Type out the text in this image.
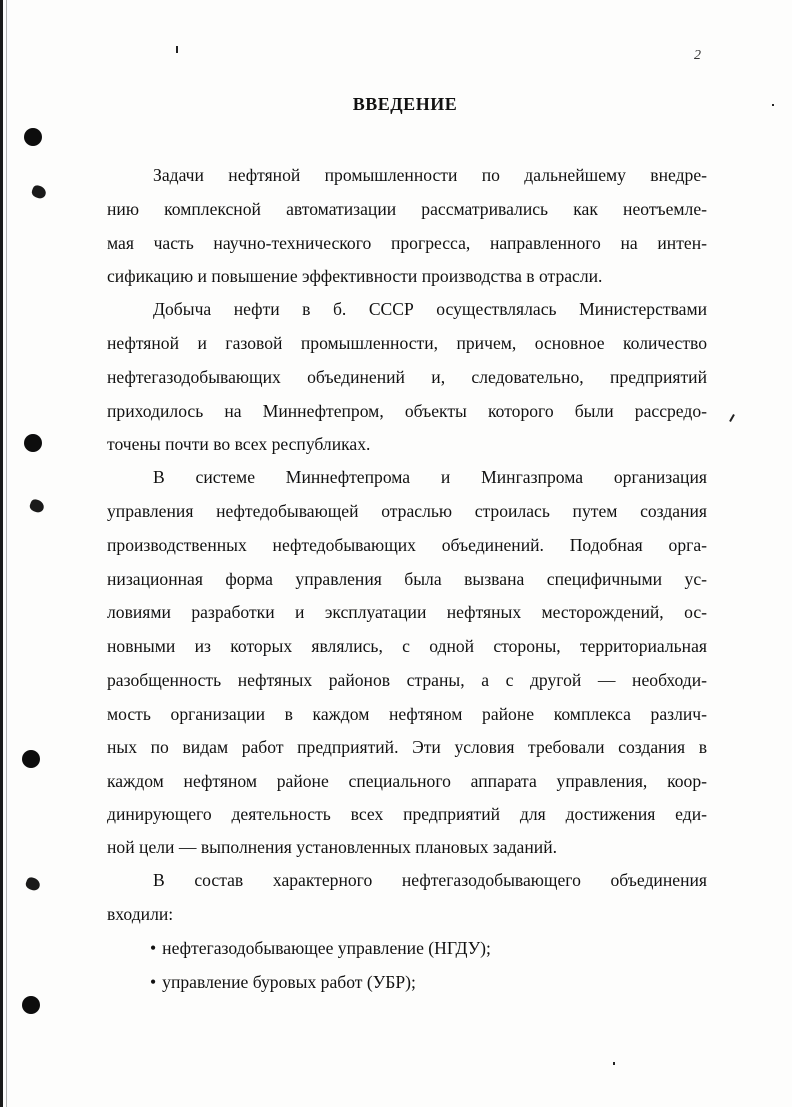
2
ВВЕДЕНИЕ
Задачи нефтяной промышленности по дальнейшему внедре-
нию комплексной автоматизации рассматривались как неотъемле-
мая часть научно-технического прогресса, направленного на интен-
сификацию и повышение эффективности производства в отрасли.
Добыча нефти в б. СССР осуществлялась Министерствами
нефтяной и газовой промышленности, причем, основное количество
нефтегазодобывающих объединений и, следовательно, предприятий
приходилось на Миннефтепром, объекты которого были рассредо-
точены почти во всех республиках.
В системе Миннефтепрома и Мингазпрома организация
управления нефтедобывающей отраслью строилась путем создания
производственных нефтедобывающих объединений. Подобная орга-
низационная форма управления была вызвана специфичными ус-
ловиями разработки и эксплуатации нефтяных месторождений, ос-
новными из которых являлись, с одной стороны, территориальная
разобщенность нефтяных районов страны, а с другой — необходи-
мость организации в каждом нефтяном районе комплекса различ-
ных по видам работ предприятий. Эти условия требовали создания в
каждом нефтяном районе специального аппарата управления, коор-
динирующего деятельность всех предприятий для достижения еди-
ной цели — выполнения установленных плановых заданий.
В состав характерного нефтегазодобывающего объединения
входили:
• нефтегазодобывающее управление (НГДУ);
• управление буровых работ (УБР);
